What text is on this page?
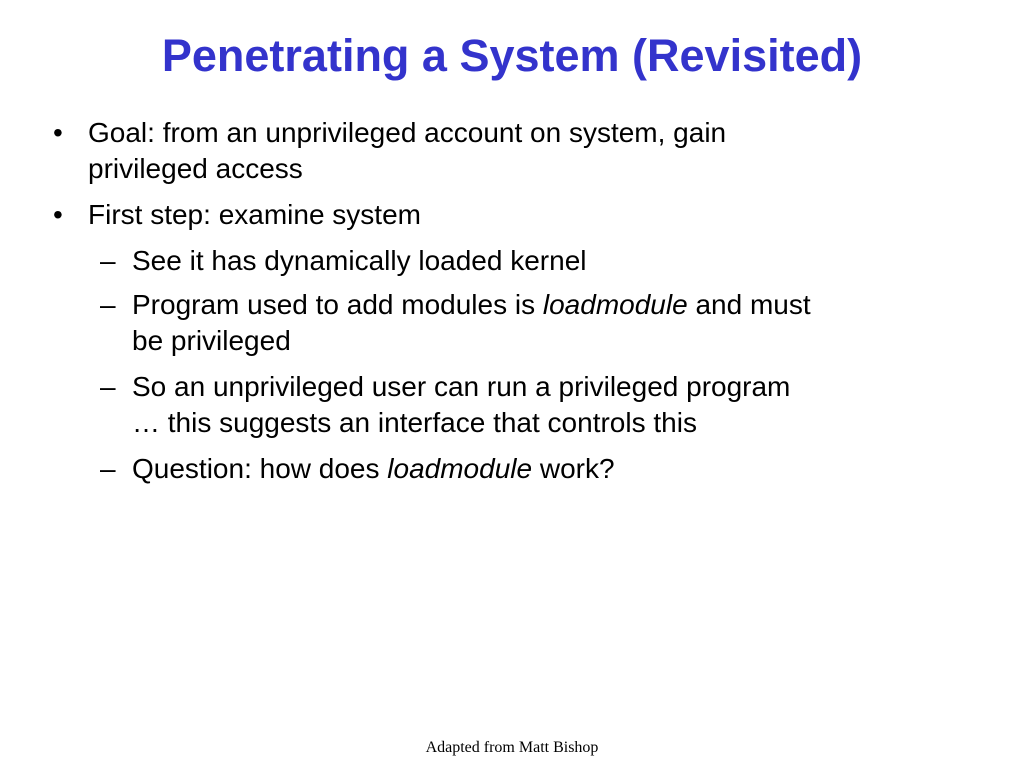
Penetrating a System (Revisited)
• Goal: from an unprivileged account on system, gain
privileged access
• First step: examine system
– See it has dynamically loaded kernel
– Program used to add modules is loadmodule and must
be privileged
– So an unprivileged user can run a privileged program
… this suggests an interface that controls this
– Question: how does loadmodule work?
Adapted from Matt Bishop
